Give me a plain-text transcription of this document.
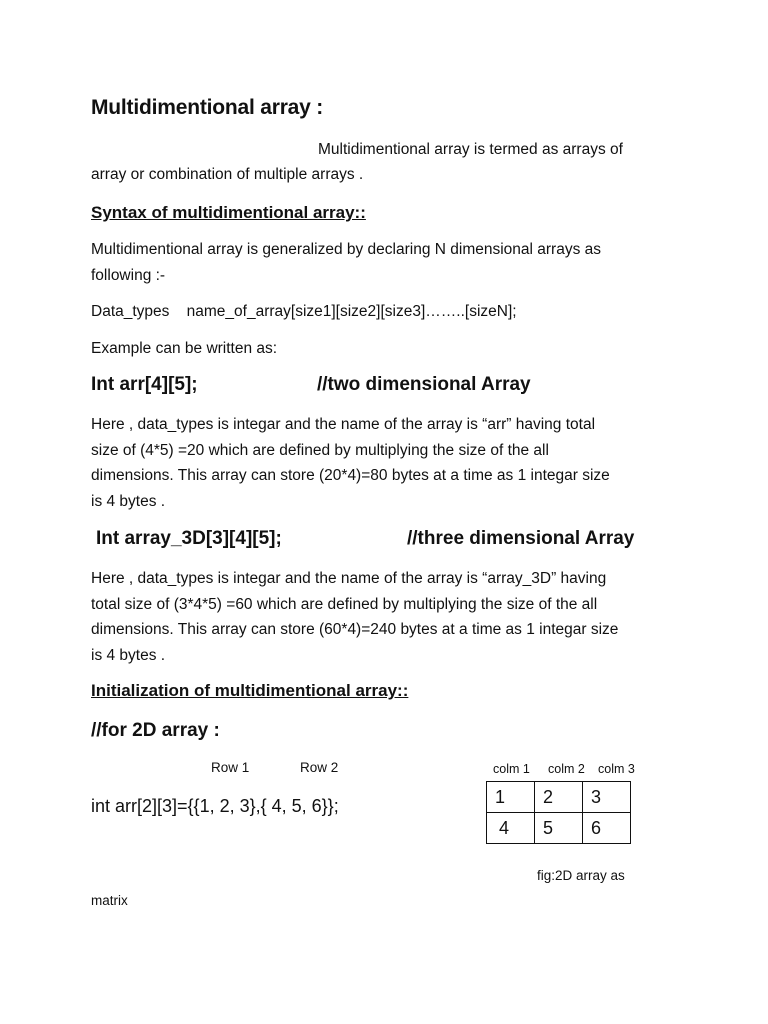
Multidimentional array :
Multidimentional array is termed as arrays of
array or combination of multiple arrays .
Syntax of multidimentional array::
Multidimentional array is generalized by declaring N dimensional arrays as
following :-
Data_types    name_of_array[size1][size2][size3]……..[sizeN];
Example can be written as:
Int arr[4][5];	//two dimensional Array
Here , data_types is integar and the name of the array is “arr” having total
size of (4*5) =20 which are defined by multiplying the size of the all
dimensions. This array can store (20*4)=80 bytes at a time as 1 integar size
is 4 bytes .
Int array_3D[3][4][5];	//three dimensional Array
Here , data_types is integar and the name of the array is “array_3D” having
total size of (3*4*5) =60 which are defined by multiplying the size of the all
dimensions. This array can store (60*4)=240 bytes at a time as 1 integar size
is 4 bytes .
Initialization of multidimentional array::
//for 2D array :
Row 1	Row 2
int arr[2][3]={{1, 2, 3},{ 4, 5, 6}};
colm 1 colm 2 colm 3
1	2	3
4	5	6
fig:2D array as
matrix
